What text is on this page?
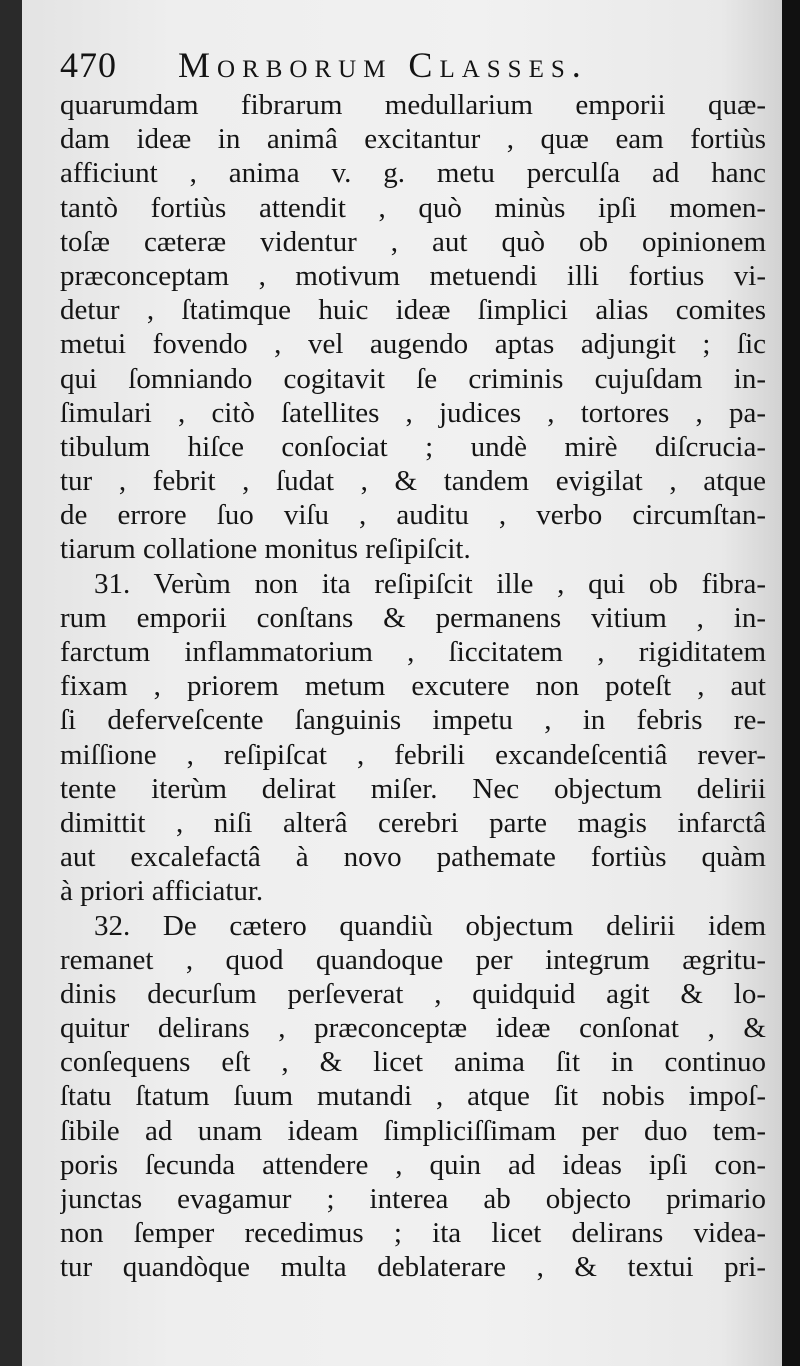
470 Morborum Classes.
quarumdam fibrarum medullarium emporii quæ-
dam ideæ in animâ excitantur , quæ eam fortiùs
afficiunt , anima v. g. metu perculſa ad hanc
tantò fortiùs attendit , quò minùs ipſi momen-
toſæ cæteræ videntur , aut quò ob opinionem
præconceptam , motivum metuendi illi fortius vi-
detur , ſtatimque huic ideæ ſimplici alias comites
metui fovendo , vel augendo aptas adjungit ; ſic
qui ſomniando cogitavit ſe criminis cujuſdam in-
ſimulari , citò ſatellites , judices , tortores , pa-
tibulum hiſce conſociat ; undè mirè diſcrucia-
tur , febrit , ſudat , & tandem evigilat , atque
de errore ſuo viſu , auditu , verbo circumſtan-
tiarum collatione monitus reſipiſcit.
31. Verùm non ita reſipiſcit ille , qui ob fibra-
rum emporii conſtans & permanens vitium , in-
farctum inflammatorium , ſiccitatem , rigiditatem
fixam , priorem metum excutere non poteſt , aut
ſi deferveſcente ſanguinis impetu , in febris re-
miſſione , reſipiſcat , febrili excandeſcentiâ rever-
tente iterùm delirat miſer. Nec objectum delirii
dimittit , niſi alterâ cerebri parte magis infarctâ
aut excalefactâ à novo pathemate fortiùs quàm
à priori afficiatur.
32. De cætero quandiù objectum delirii idem
remanet , quod quandoque per integrum ægritu-
dinis decurſum perſeverat , quidquid agit & lo-
quitur delirans , præconceptæ ideæ conſonat , &
conſequens eſt , & licet anima ſit in continuo
ſtatu ſtatum ſuum mutandi , atque ſit nobis impoſ-
ſibile ad unam ideam ſimpliciſſimam per duo tem-
poris ſecunda attendere , quin ad ideas ipſi con-
junctas evagamur ; interea ab objecto primario
non ſemper recedimus ; ita licet delirans videa-
tur quandòque multa deblaterare , & textui pri-
